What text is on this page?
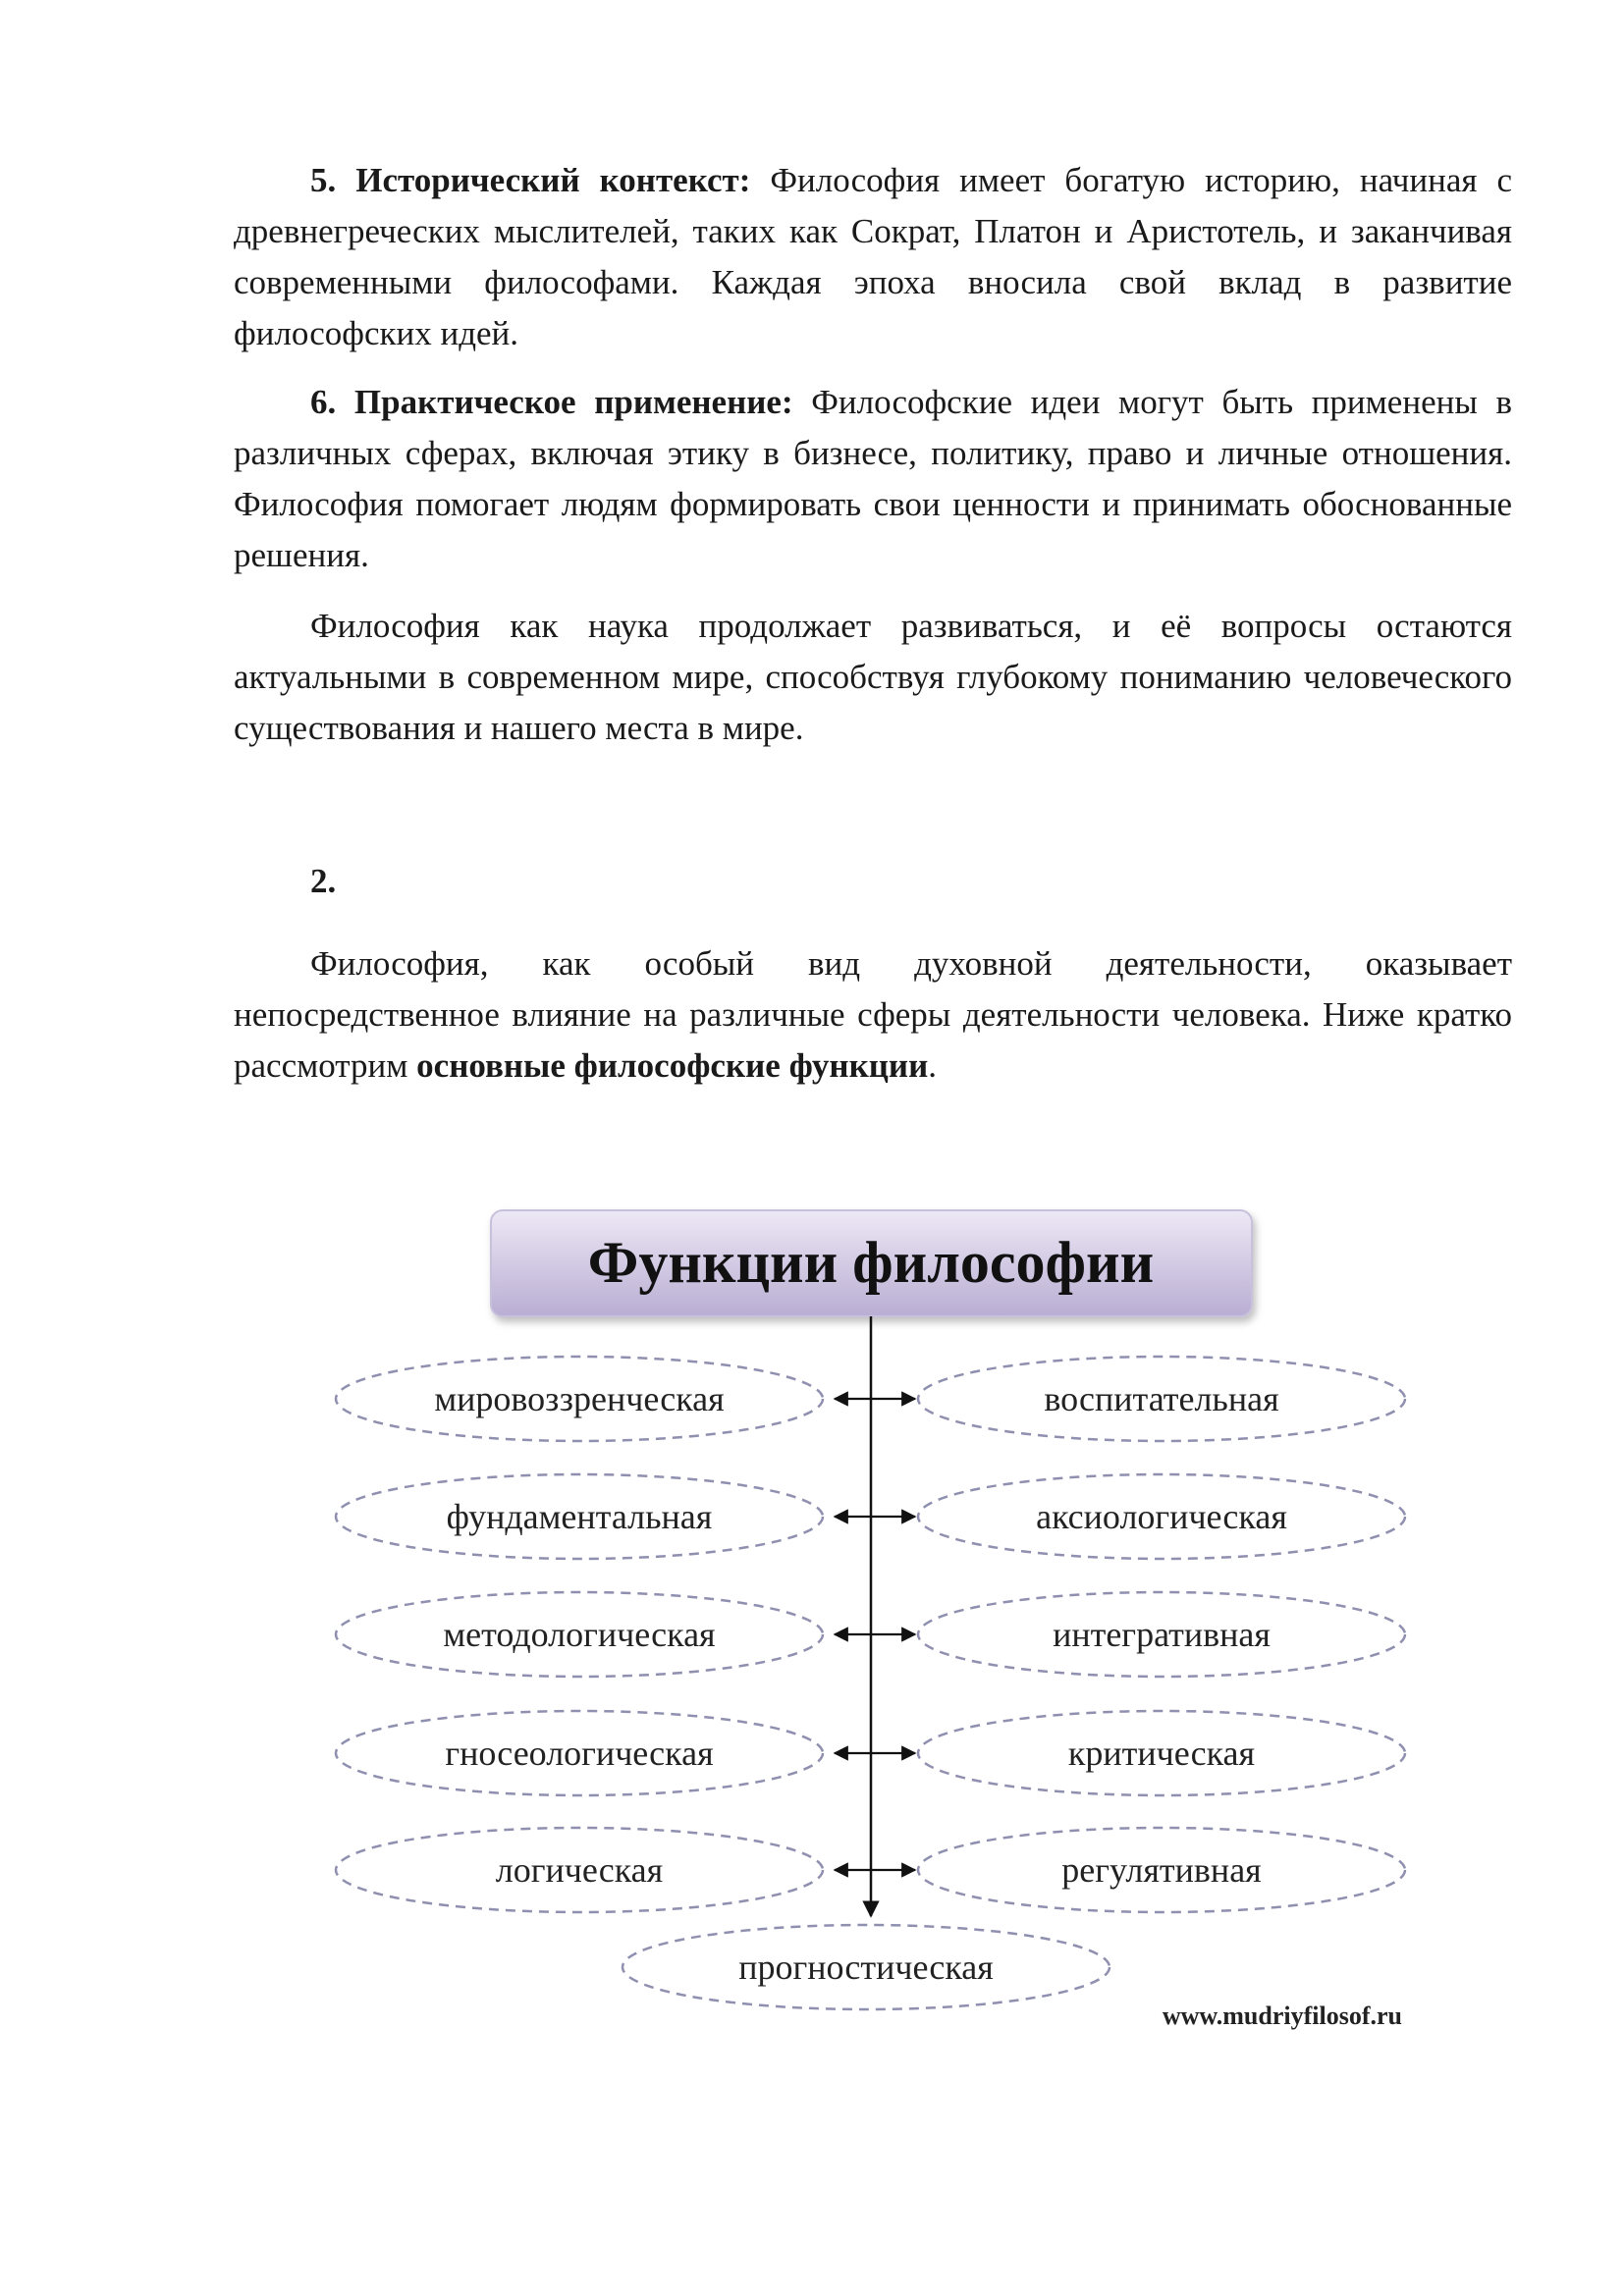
5. Исторический контекст: Философия имеет богатую историю, начиная с древнегреческих мыслителей, таких как Сократ, Платон и Аристотель, и заканчивая современными философами. Каждая эпоха вносила свой вклад в развитие философских идей.

6. Практическое применение: Философские идеи могут быть применены в различных сферах, включая этику в бизнесе, политику, право и личные отношения. Философия помогает людям формировать свои ценности и принимать обоснованные решения.

Философия как наука продолжает развиваться, и её вопросы остаются актуальными в современном мире, способствуя глубокому пониманию человеческого существования и нашего места в мире.

2.

Философия, как особый вид духовной деятельности, оказывает непосредственное влияние на различные сферы деятельности человека. Ниже кратко рассмотрим основные философские функции.

Функции философии
мировоззренческая	воспитательная
фундаментальная	аксиологическая
методологическая	интегративная
гносеологическая	критическая
логическая	регулятивная
прогностическая
www.mudriyfilosof.ru
